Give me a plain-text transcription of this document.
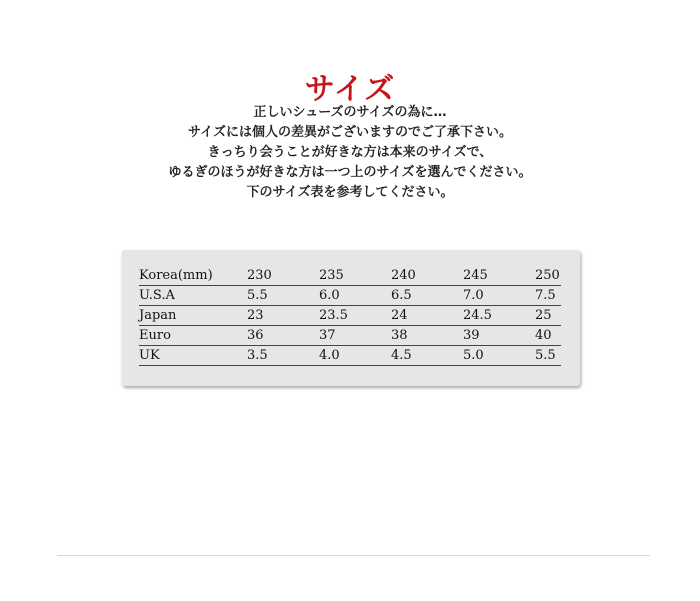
サイズ
正しいシューズのサイズの為に…
サイズには個人の差異がございますのでご了承下さい。
きっちり会うことが好きな方は本来のサイズで、
ゆるぎのほうが好きな方は一つ上のサイズを選んでください。
下のサイズ表を参考してください。
Korea(mm)	230	235	240	245	250
U.S.A	5.5	6.0	6.5	7.0	7.5
Japan	23	23.5	24	24.5	25
Euro	36	37	38	39	40
UK	3.5	4.0	4.5	5.0	5.5
